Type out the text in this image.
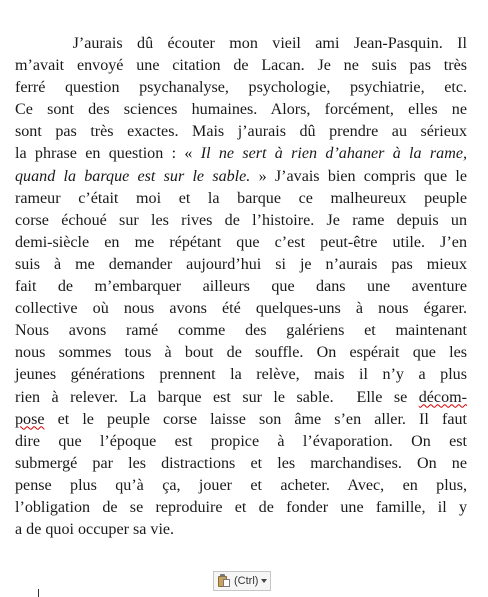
J’aurais dû écouter mon vieil ami Jean-Pasquin. Il
m’avait envoyé une citation de Lacan. Je ne suis pas très
ferré question psychanalyse, psychologie, psychiatrie, etc.
Ce sont des sciences humaines. Alors, forcément, elles ne
sont pas très exactes. Mais j’aurais dû prendre au sérieux
la phrase en question : « Il ne sert à rien d’ahaner à la rame,
quand la barque est sur le sable. » J’avais bien compris que le
rameur c’était moi et la barque ce malheureux peuple
corse échoué sur les rives de l’histoire. Je rame depuis un
demi-siècle en me répétant que c’est peut-être utile. J’en
suis à me demander aujourd’hui si je n’aurais pas mieux
fait de m’embarquer ailleurs que dans une aventure
collective où nous avons été quelques-uns à nous égarer.
Nous avons ramé comme des galériens et maintenant
nous sommes tous à bout de souffle. On espérait que les
jeunes générations prennent la relève, mais il n’y a plus
rien à relever. La barque est sur le sable.  Elle se décom-
pose et le peuple corse laisse son âme s’en aller. Il faut
dire que l’époque est propice à l’évaporation. On est
submergé par les distractions et les marchandises. On ne
pense plus qu’à ça, jouer et acheter. Avec, en plus,
l’obligation de se reproduire et de fonder une famille, il y
a de quoi occuper sa vie.

(Ctrl)
